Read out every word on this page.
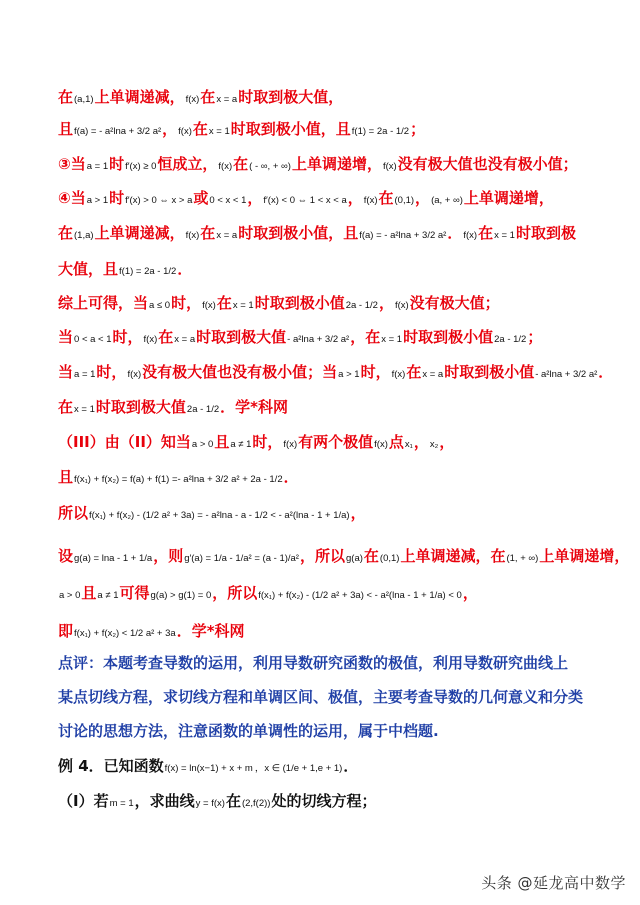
在(a,1)上单调递减，f(x)在x = a时取到极大值，
且f(a) = - a²lna + 3/2 a²，f(x)在x = 1时取到极小值，且f(1) = 2a - 1/2；
③当a = 1时f′(x) ≥ 0恒成立，f(x)在( - ∞, + ∞)上单调递增，f(x)没有极大值也没有极小值；
④当a > 1时f′(x) > 0 ⇔ x > a或0 < x < 1，f′(x) < 0 ⇔ 1 < x < a，f(x)在(0,1)，(a, + ∞)上单调递增，
在(1,a)上单调递减，f(x)在x = a时取到极小值，且f(a) = - a²lna + 3/2 a²．f(x)在x = 1时取到极
大值，且f(1) = 2a - 1/2．
综上可得，当a ≤ 0时，f(x)在x = 1时取到极小值2a - 1/2，f(x)没有极大值；
当0 < a < 1时，f(x)在x = a时取到极大值- a²lna + 3/2 a²，在x = 1时取到极小值2a - 1/2；
当a = 1时，f(x)没有极大值也没有极小值；当a > 1时，f(x)在x = a时取到极小值- a²lna + 3/2 a²．
在x = 1时取到极大值2a - 1/2．学*科网
（III）由（II）知当a > 0且a ≠ 1时，f(x)有两个极值f(x)点x₁，x₂，
且f(x₁) + f(x₂) = f(a) + f(1) =- a²lna + 3/2 a² + 2a - 1/2．
所以f(x₁) + f(x₂) - (1/2 a² + 3a) = - a²lna - a - 1/2 < - a²(lna - 1 + 1/a)，
设g(a) = lna - 1 + 1/a，则g′(a) = 1/a - 1/a² = (a - 1)/a²，所以g(a)在(0,1)上单调递减，在(1, + ∞)上单调递增，
a > 0且a ≠ 1可得g(a) > g(1) = 0，所以f(x₁) + f(x₂) - (1/2 a² + 3a) < - a²(lna - 1 + 1/a) < 0，
即f(x₁) + f(x₂) < 1/2 a² + 3a．学*科网
点评：本题考查导数的运用，利用导数研究函数的极值，利用导数研究曲线上
某点切线方程，求切线方程和单调区间、极值，主要考查导数的几何意义和分类
讨论的思想方法，注意函数的单调性的运用，属于中档题.
例 4．已知函数f(x) = ln(x−1) + x + m ，x ∈ (1/e + 1,e + 1)．
（I）若m = 1，求曲线y = f(x)在(2,f(2))处的切线方程；
头条 @延龙高中数学
